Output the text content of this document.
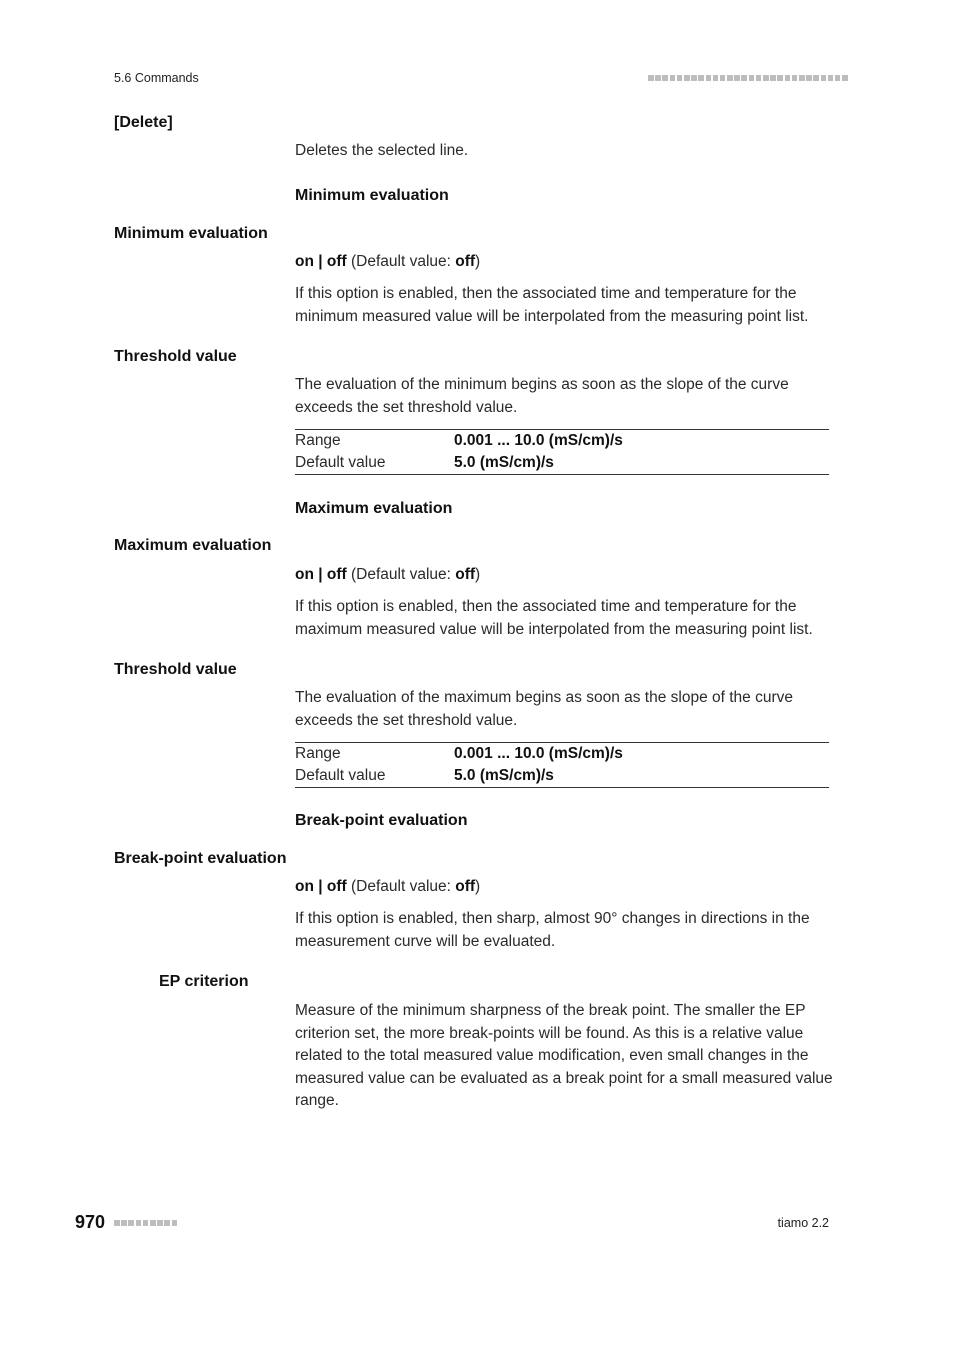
5.6 Commands
[Delete]
Deletes the selected line.
Minimum evaluation
Minimum evaluation
on | off (Default value: off)
If this option is enabled, then the associated time and temperature for the minimum measured value will be interpolated from the measuring point list.
Threshold value
The evaluation of the minimum begins as soon as the slope of the curve exceeds the set threshold value.
Range	0.001 ... 10.0 (mS/cm)/s
Default value	5.0 (mS/cm)/s
Maximum evaluation
Maximum evaluation
on | off (Default value: off)
If this option is enabled, then the associated time and temperature for the maximum measured value will be interpolated from the measuring point list.
Threshold value
The evaluation of the maximum begins as soon as the slope of the curve exceeds the set threshold value.
Range	0.001 ... 10.0 (mS/cm)/s
Default value	5.0 (mS/cm)/s
Break-point evaluation
Break-point evaluation
on | off (Default value: off)
If this option is enabled, then sharp, almost 90° changes in directions in the measurement curve will be evaluated.
EP criterion
Measure of the minimum sharpness of the break point. The smaller the EP criterion set, the more break-points will be found. As this is a relative value related to the total measured value modification, even small changes in the measured value can be evaluated as a break point for a small measured value range.
970	tiamo 2.2
